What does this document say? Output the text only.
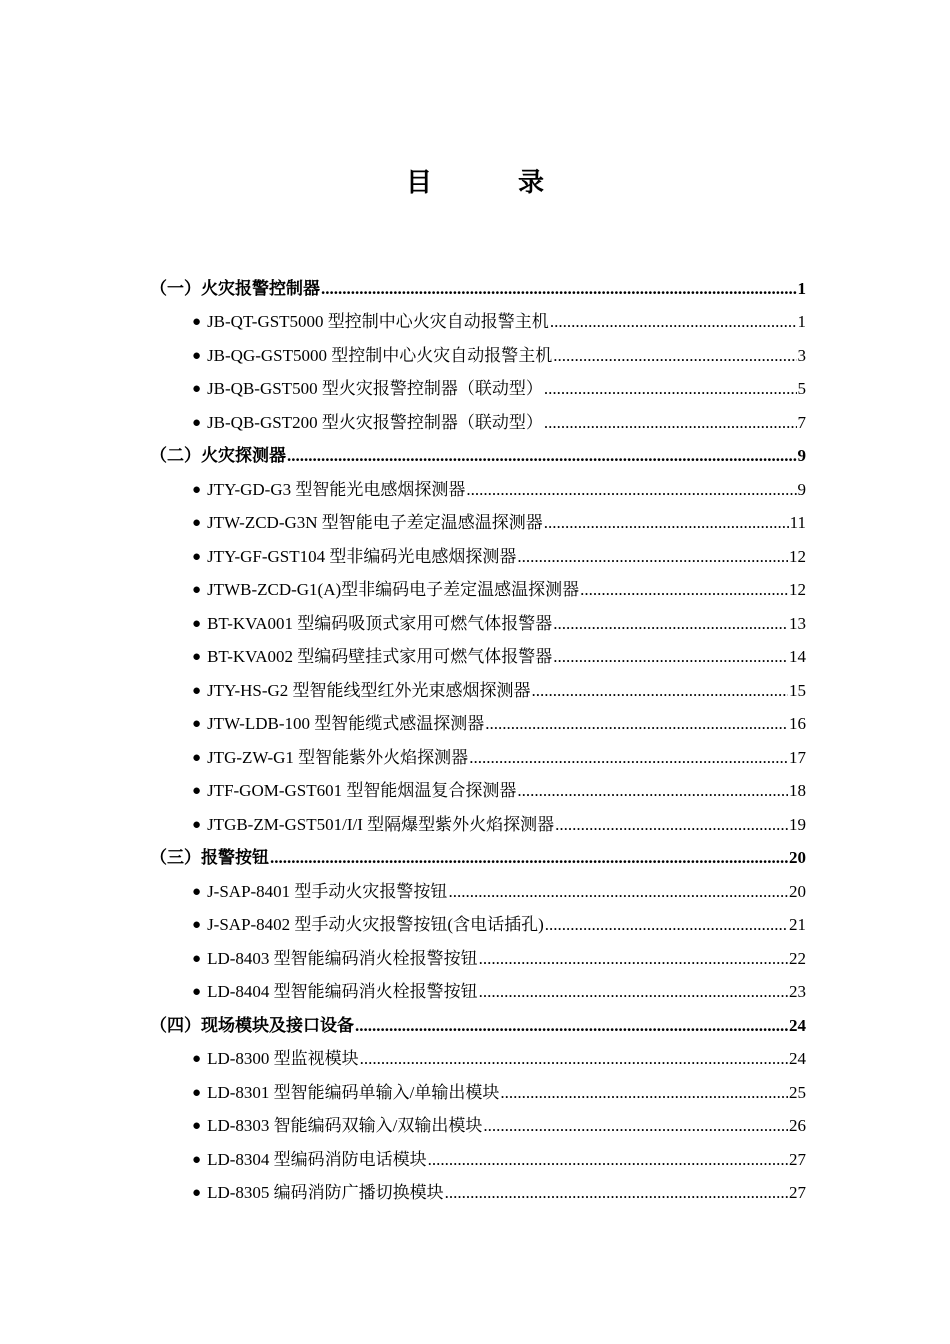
目　录
（一）火灾报警控制器 .....	1
● JB-QT-GST5000 型控制中心火灾自动报警主机 .....	1
● JB-QG-GST5000 型控制中心火灾自动报警主机 .....	3
● JB-QB-GST500 型火灾报警控制器（联动型） .....	5
● JB-QB-GST200 型火灾报警控制器（联动型） .....	7
（二）火灾探测器 .....	9
● JTY-GD-G3 型智能光电感烟探测器 .....	9
● JTW-ZCD-G3N 型智能电子差定温感温探测器 .....	11
● JTY-GF-GST104 型非编码光电感烟探测器 .....	12
● JTWB-ZCD-G1(A)型非编码电子差定温感温探测器 .....	12
● BT-KVA001 型编码吸顶式家用可燃气体报警器 .....	13
● BT-KVA002 型编码壁挂式家用可燃气体报警器 .....	14
● JTY-HS-G2 型智能线型红外光束感烟探测器 .....	15
● JTW-LDB-100 型智能缆式感温探测器 .....	16
● JTG-ZW-G1 型智能紫外火焰探测器 .....	17
● JTF-GOM-GST601 型智能烟温复合探测器 .....	18
● JTGB-ZM-GST501/I/I 型隔爆型紫外火焰探测器 .....	19
（三）报警按钮 .....	20
● J-SAP-8401 型手动火灾报警按钮 .....	20
● J-SAP-8402 型手动火灾报警按钮(含电话插孔) .....	21
● LD-8403 型智能编码消火栓报警按钮 .....	22
● LD-8404 型智能编码消火栓报警按钮 .....	23
（四）现场模块及接口设备 .....	24
● LD-8300 型监视模块 .....	24
● LD-8301 型智能编码单输入/单输出模块 .....	25
● LD-8303 智能编码双输入/双输出模块 .....	26
● LD-8304 型编码消防电话模块 .....	27
● LD-8305 编码消防广播切换模块 .....	27
